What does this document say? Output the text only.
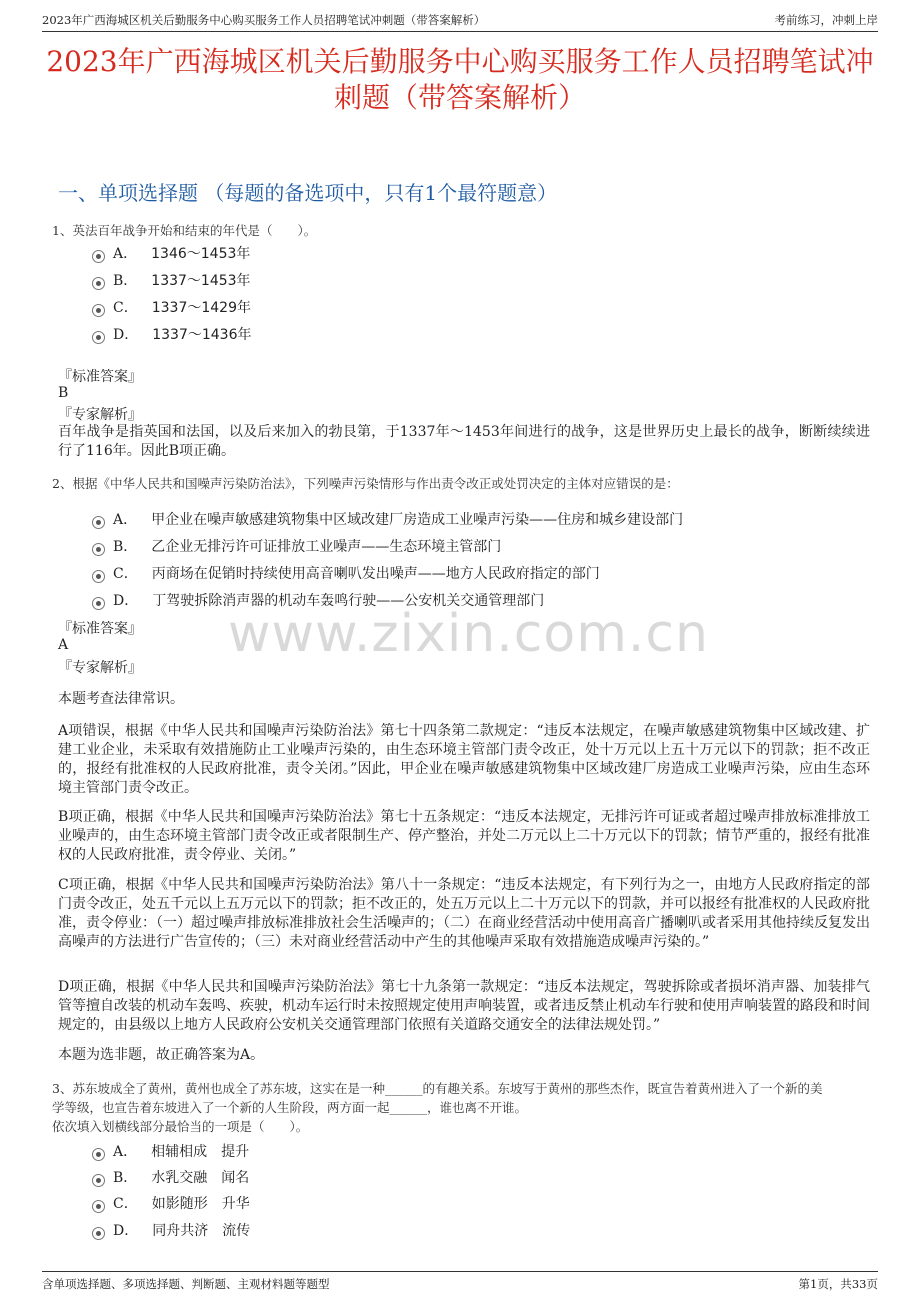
2023年广西海城区机关后勤服务中心购买服务工作人员招聘笔试冲刺题（带答案解析）	考前练习，冲刺上岸
2023年广西海城区机关后勤服务中心购买服务工作人员招聘笔试冲刺题（带答案解析）
一、单项选择题 （每题的备选项中，只有1个最符题意）
1、英法百年战争开始和结束的年代是（　　）。
A． 1346～1453年
B． 1337～1453年
C． 1337～1429年
D． 1337～1436年
『标准答案』
B
『专家解析』
百年战争是指英国和法国，以及后来加入的勃艮第，于1337年～1453年间进行的战争，这是世界历史上最长的战争，断断续续进行了116年。因此B项正确。
2、根据《中华人民共和国噪声污染防治法》，下列噪声污染情形与作出责令改正或处罚决定的主体对应错误的是：
A． 甲企业在噪声敏感建筑物集中区域改建厂房造成工业噪声污染——住房和城乡建设部门
B． 乙企业无排污许可证排放工业噪声——生态环境主管部门
C． 丙商场在促销时持续使用高音喇叭发出噪声——地方人民政府指定的部门
D． 丁驾驶拆除消声器的机动车轰鸣行驶——公安机关交通管理部门
www.zixin.com.cn
『标准答案』
A
『专家解析』
本题考查法律常识。
A项错误，根据《中华人民共和国噪声污染防治法》第七十四条第二款规定：“违反本法规定，在噪声敏感建筑物集中区域改建、扩建工业企业，未采取有效措施防止工业噪声污染的，由生态环境主管部门责令改正，处十万元以上五十万元以下的罚款；拒不改正的，报经有批准权的人民政府批准，责令关闭。”因此，甲企业在噪声敏感建筑物集中区域改建厂房造成工业噪声污染，应由生态环境主管部门责令改正。
B项正确，根据《中华人民共和国噪声污染防治法》第七十五条规定：“违反本法规定，无排污许可证或者超过噪声排放标准排放工业噪声的，由生态环境主管部门责令改正或者限制生产、停产整治，并处二万元以上二十万元以下的罚款；情节严重的，报经有批准权的人民政府批准，责令停业、关闭。”
C项正确，根据《中华人民共和国噪声污染防治法》第八十一条规定：“违反本法规定，有下列行为之一，由地方人民政府指定的部门责令改正，处五千元以上五万元以下的罚款；拒不改正的，处五万元以上二十万元以下的罚款，并可以报经有批准权的人民政府批准，责令停业：（一）超过噪声排放标准排放社会生活噪声的；（二）在商业经营活动中使用高音广播喇叭或者采用其他持续反复发出高噪声的方法进行广告宣传的；（三）未对商业经营活动中产生的其他噪声采取有效措施造成噪声污染的。”
D项正确，根据《中华人民共和国噪声污染防治法》第七十九条第一款规定：“违反本法规定，驾驶拆除或者损坏消声器、加装排气管等擅自改装的机动车轰鸣、疾驶，机动车运行时未按照规定使用声响装置，或者违反禁止机动车行驶和使用声响装置的路段和时间规定的，由县级以上地方人民政府公安机关交通管理部门依照有关道路交通安全的法律法规处罚。”
本题为选非题，故正确答案为A。
3、苏东坡成全了黄州，黄州也成全了苏东坡，这实在是一种______的有趣关系。东坡写于黄州的那些杰作，既宣告着黄州进入了一个新的美
学等级，也宣告着东坡进入了一个新的人生阶段，两方面一起______，谁也离不开谁。
依次填入划横线部分最恰当的一项是（　　）。
A． 相辅相成　提升
B． 水乳交融　闻名
C． 如影随形　升华
D． 同舟共济　流传
含单项选择题、多项选择题、判断题、主观材料题等题型	第1页，共33页
